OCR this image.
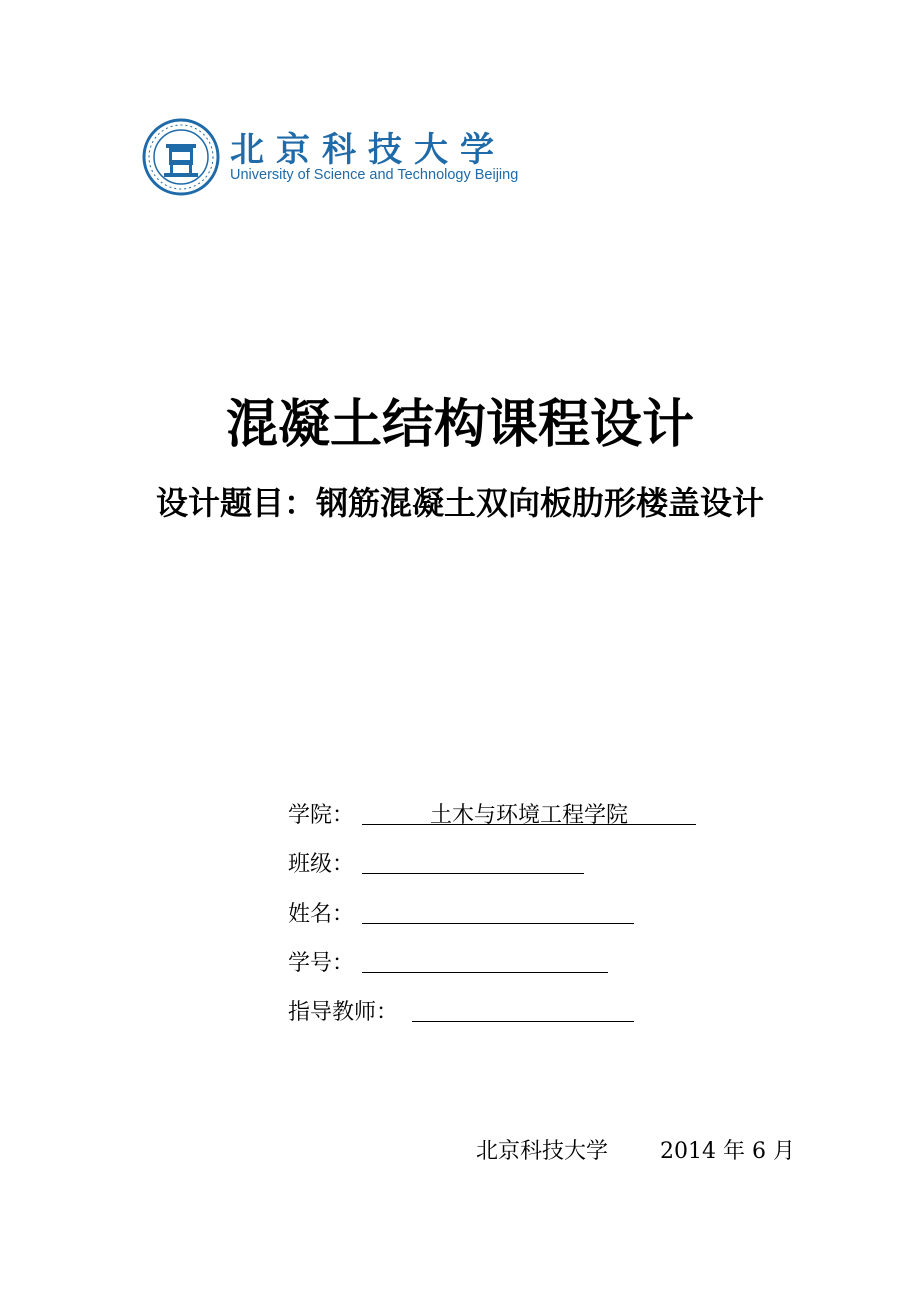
北京科技大学
University of Science and Technology Beijing
混凝土结构课程设计
设计题目：钢筋混凝土双向板肋形楼盖设计
学院：	土木与环境工程学院
班级：
姓名：
学号：
指导教师：
北京科技大学 2014 年 6 月
